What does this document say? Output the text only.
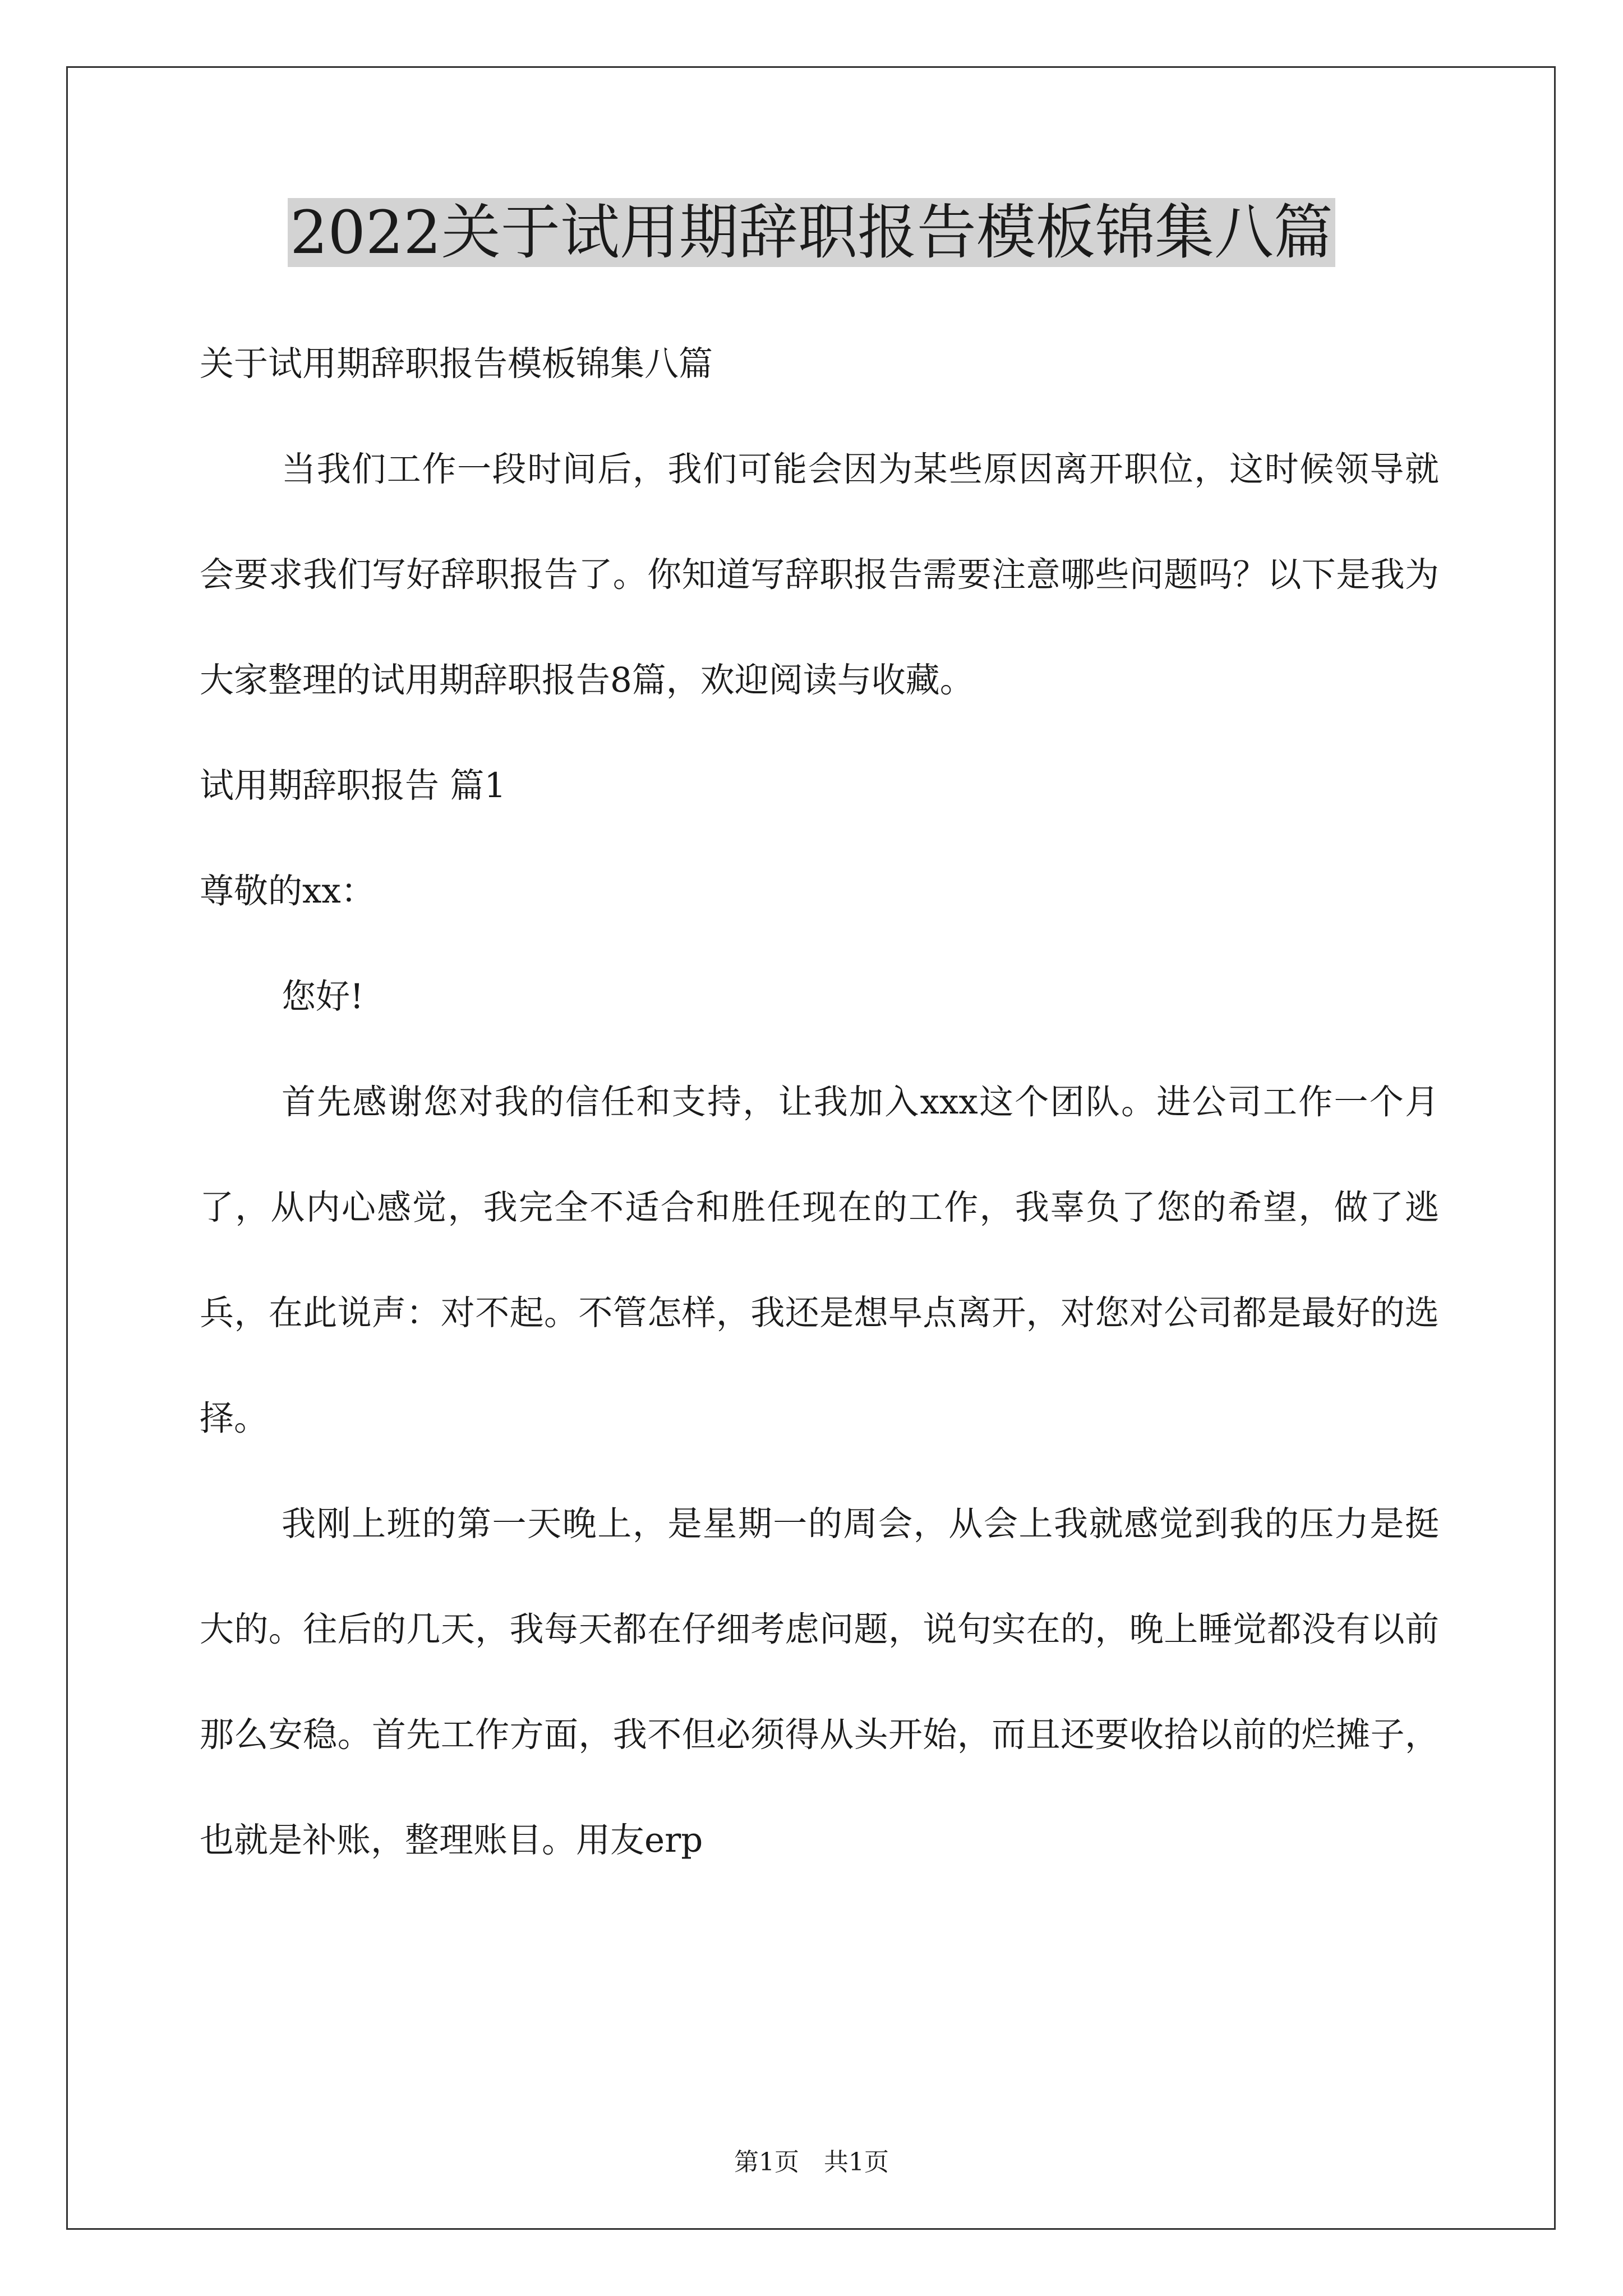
2022关于试用期辞职报告模板锦集八篇

关于试用期辞职报告模板锦集八篇

当我们工作一段时间后，我们可能会因为某些原因离开职位，这时候领导就会要求我们写好辞职报告了。你知道写辞职报告需要注意哪些问题吗？以下是我为大家整理的试用期辞职报告8篇，欢迎阅读与收藏。

试用期辞职报告 篇1

尊敬的xx：

您好!

首先感谢您对我的信任和支持，让我加入xxx这个团队。进公司工作一个月了，从内心感觉，我完全不适合和胜任现在的工作，我辜负了您的希望，做了逃兵，在此说声：对不起。不管怎样，我还是想早点离开，对您对公司都是最好的选择。

我刚上班的第一天晚上，是星期一的周会，从会上我就感觉到我的压力是挺大的。往后的几天，我每天都在仔细考虑问题，说句实在的，晚上睡觉都没有以前那么安稳。首先工作方面，我不但必须得从头开始，而且还要收拾以前的烂摊子，也就是补账，整理账目。用友erp

第1页　共1页
